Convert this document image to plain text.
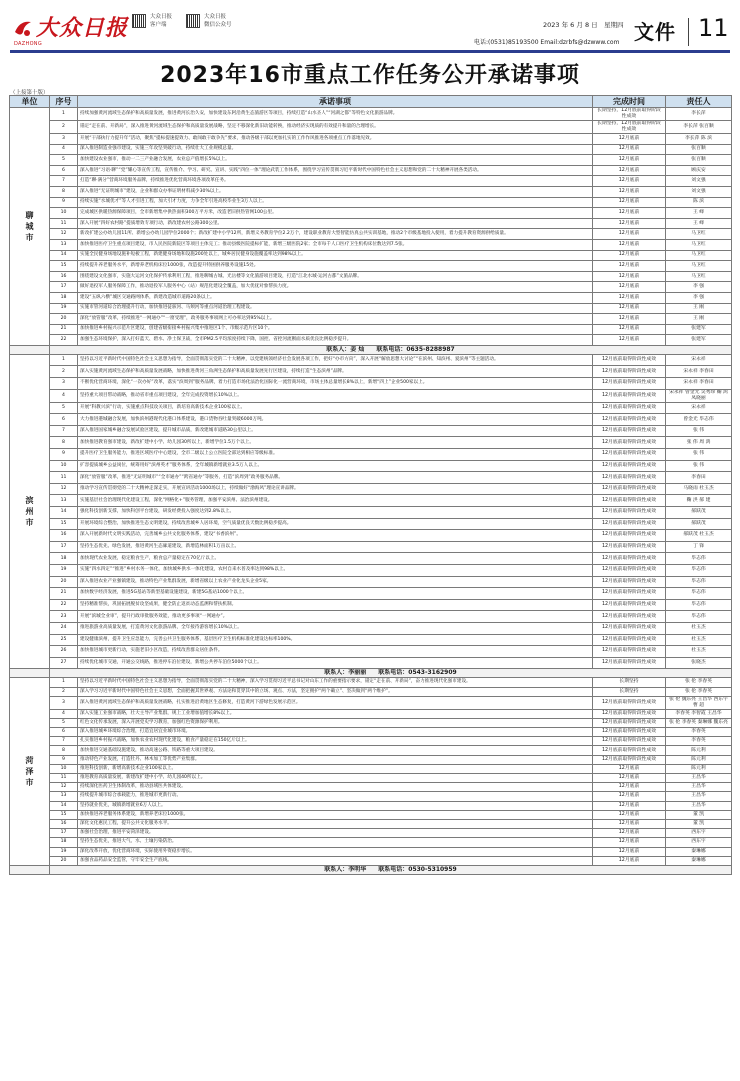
大众日报
DAZHONG
大众日报
客户端
大众日报
微信公众号	2023 年 6 月 8 日　星期四
电话:(0531)85193500 Email:dzrbfs@dzwww.com 文件 11
2023年16市重点工作任务公开承诺事项
（上接第十版）
单位	序号	承诺事项	完成时间	责任人

聊
城
市	1	持续加强黄河流域生态保护和高质量发展，推进黄河长治久安，加快建设东阿沿黄生态旅游区等项目，持续打造“山水圣人”“河湖之都”等特色文化旅游品牌。	长期坚持，12月底前取得阶段性成效	李长萍
	2	锚定“走在前、开新局”，深入推进黄河流域生态保护和高质量发展战略，坚定不移深化新旧动能转换，推动经济实现质的有效提升和量的合理增长。	长期坚持，12月底前取得阶段性成效	李长萍 张百顺
	3	开展“干部执行力提升年”活动，聚焦“提标提速提效力、敢闯敢干敢争先”要求，推动各级干部以更加扎实的工作作风推进各项重点工作落地见效。	12月底前	李长萍 陈 滨
	4	深入推进制造业强市建设，实施三年攻坚突破行动，持续壮大工业规模总量。	12月底前	张百顺
	5	加快建设农业强市，推动一二三产业融合发展，农业总产值增长5%以上。	12月底前	张百顺
	6	深入推进“习语·聊”“党”耀心等宣传工程，宣传推介、学习、研究、宣讲、实践“四位一体”理论武装工作体系，围绕学习宣传贯彻习近平新时代中国特色社会主义思想和党的二十大精神开展各类活动。	12月底前	顾庆安
	7	打造“聊·满分”营商环境服务品牌，持续推进优化营商环境各项改革任务。	12月底前	刘文强
	8	深入推进“无证明城市”建设，企业和群众办事证明材料减少30%以上。	12月底前	刘文强
	9	持续实施“水城优才”等人才引进工程，加大引才力度，力争全年引进高校毕业生3万人以上。	12月底前	陈 滨
	10	完成城区供暖热源保障项目，全市新增集中供热面积300万平方米，改造老旧供热管网100公里。	12月底前	王 峰
	11	深入开展“四好农村路”提质增效专项行动，新改建农村公路300公里。	12月底前	王 峰
	12	新改扩建公办幼儿园11所、新增公办幼儿园学位2000个；新改扩建中小学12所，新增义务教育学位2.2万个，建设职业教育大型智能仿真公共实训基地，推动2个市级基地投入使用，着力提升教育资源供给质量。	12月底前	马卫红
	13	加快推进医疗卫生重点项目建设，市人民医院新院区等项目主体完工；推动县级医院提标扩能，新增三级医院2家；全市每千人口医疗卫生机构床位数达到7.5张。	12月底前	马卫红
	14	实施全民健身场地设施补短板工程，新建健身场地和设施200处以上，城乡居民健身设施覆盖率达到98%以上。	12月底前	马卫红
	15	持续提升养老服务水平，新增养老机构床位1000张，改造提升特困供养服务设施15处。	12月底前	马卫红
	16	围绕建设文化强市，实施大运河文化保护传承利用工程，推进聊城古城、光岳楼等文化旅游项目建设，打造“江北水城·运河古都”文旅品牌。	12月底前	马卫红
	17	做好退役军人服务保障工作，推动退役军人服务中心（站）规范化建设全覆盖，加大优抚对象帮扶力度。	12月底前	李 强
	18	建设“五纵六横”城区交通路网体系，新建改造城市道路20条以上。	12月底前	李 强
	19	实施市管河道综合治理提升行动，加快推进徒骇河、马颊河等重点河道治理工程建设。	12月底前	王 刚
	20	深化“放管服”改革，持续推进“一网通办”“一窗受理”，政务服务事项网上可办率达到95%以上。	12月底前	王 刚
	21	加快推进乡村振兴示范片区建设，创建省级衔接乡村振兴集中推进区1个、市级示范片区10个。	12月底前	张建军
	22	加强生态环境保护，深入打好蓝天、碧水、净土保卫战，全市PM2.5平均浓度持续下降，国控、省控河流断面水质优良比例稳步提升。	12月底前	张建军
	联系人：姜 灿　　联系电话：0635-8288987			

滨
州
市	1	坚持以习近平新时代中国特色社会主义思想为指导，全面贯彻落实党的二十大精神，以党建统领经济社会发展各项工作，把好“办市方向”，深入开展“解放思想大讨论”“在滨州、知滨州、爱滨州”等主题活动。	12月底前取得阶段性成效	宋永祥
	2	深入实施黄河流域生态保护和高质量发展战略，加快推进黄河三角洲生态保护和高质量发展先行区建设，持续打造“生态滨州”品牌。	12月底前取得阶段性成效	宋永祥 李春田
	3	不断优化营商环境，深化“一次办好”改革，落实“滨周到”服务品牌，着力打造市场化法治化国际化一流营商环境，市场主体总量增长8%以上，新增“四上”企业500家以上。	12月底前取得阶段性成效	宋永祥 李春田
	4	坚持重大项目带动战略，推动省市重点项目建设，全年完成投资增长10%以上。	12月底前取得阶段性成效	宋永祥 曾金光 吴秀珍 鞠 鸿 凤晓丽
	5	开展“科教兴滨”行动，实施重点科技攻关项目，新培育高新技术企业100家以上。	12月底前取得阶段性成效	宋永祥
	6	大力推进港城融合发展，加快滨州港现代化港口体系建设，港口货物吞吐量突破6000万吨。	12月底前取得阶段性成效	曾金光 毕志伟
	7	深入推进国家城乡融合发展试验区建设，提升城市品质，新改建城市道路30公里以上。	12月底前取得阶段性成效	张 伟
	8	加快推进教育强市建设，新改扩建中小学、幼儿园30所以上，新增学位1.5万个以上。	12月底前取得阶段性成效	张 伟 周 鸿
	9	提升医疗卫生服务能力，推进区域医疗中心建设，全市二级以上公立医院全部达到相应等级标准。	12月底前取得阶段性成效	张 伟
	10	扩容提质城乡公益岗位，统筹用好“滨州英才”服务体系，全年城镇新增就业3.5万人以上。	12月底前取得阶段性成效	张 伟
	11	深化“放管服”改革，推进“无证明城市”“全市通办”“跨省通办”等服务，打造“滨周到”政务服务品牌。	12月底前取得阶段性成效	李春田
	12	推动学习宣传贯彻党的二十大精神走深走实，开展宣讲活动1000场以上，持续做好“渤海风”理论宣讲品牌。	12月底前取得阶段性成效	马晓雨 杜玉杰
	13	实施基层社会治理现代化建设工程，深化“网格化+”服务管理，加强平安滨州、法治滨州建设。	12月底前取得阶段性成效	鞠 洪 郝 建
	14	强化科技创新支撑，加快科创平台建设，研发经费投入强度达到2.8%以上。	12月底前取得阶段性成效	郝跃茂
	15	开展环境综合整治，加快推进生态文明建设，持续改善城乡人居环境，空气质量优良天数比例稳步提高。	12月底前取得阶段性成效	郝跃茂
	16	深入开展新时代文明实践活动，完善城乡公共文化服务体系，建设“书香滨州”。	12月底前取得阶段性成效	郝跃茂 杜玉杰
	17	坚持生态优先、绿色发展，推进黄河生态廊道建设，新增造林面积1万亩以上。	12月底前取得阶段性成效	丁 锋
	18	加快现代农业发展，稳定粮食生产，粮食总产量稳定在70亿斤以上。	12月底前取得阶段性成效	毕志伟
	19	实施“四水四定”“推进”乡村水务一体化，加快城乡供水一体化建设，农村自来水普及率达到98%以上。	12月底前取得阶段性成效	毕志伟
	20	深入推进农业产业强镇建设，推动特色产业集群发展，新增省级以上农业产业化龙头企业5家。	12月底前取得阶段性成效	毕志伟
	21	加快数字经济发展，推进5G基站等新型基础设施建设，新建5G基站1000个以上。	12月底前取得阶段性成效	毕志伟
	22	坚持精准帮扶，巩固拓展脱贫攻坚成果，健全防止返贫动态监测和帮扶机制。	12月底前取得阶段性成效	毕志伟
	23	开展“滨城全业审”，提升行政审批服务效能，推动更多事项“一网通办”。	12月底前取得阶段性成效	毕志伟
	24	推进旅游业高质量发展，打造黄河文化旅游品牌，全年接待游客增长10%以上。	12月底前取得阶段性成效	杜玉杰
	25	建设健康滨州，提升卫生应急能力，完善公共卫生服务体系，基层医疗卫生机构标准化建设达标率100%。	12月底前取得阶段性成效	杜玉杰
	26	加快推进城市更新行动，实施老旧小区改造，持续改善群众居住条件。	12月底前取得阶段性成效	杜玉杰
	27	持续优化城市交通，开通公交线路，推进停车泊位建设，新增公共停车泊位5000个以上。	12月底前取得阶段性成效	张晓杰
	联系人：李丽丽　　联系电话：0543-3162909			

菏
泽
市	1	坚持以习近平新时代中国特色社会主义思想为指导，全面贯彻落实党的二十大精神，深入学习贯彻习近平总书记对山东工作的重要指示要求，锚定“走在前、开新局”，奋力推进现代化强市建设。	长期坚持	张 伦 李春英
	2	深入学习习近平新时代中国特色社会主义思想，全面把握其世界观、方法论和贯穿其中的立场、观点、方法，坚定拥护“两个确立”、坚决做到“两个维护”。	长期坚持	张 伦 李春英
	3	深入推进黄河流域生态保护和高质量发展战略，扎实推进沿黄地区生态修复，打造黄河下游绿色发展示范区。	12月底前取得阶段性成效	张 伦 魏东亮 王昌华 西东宇 曹 超
	4	深入实施工业强市战略，壮大主导产业集群，规上工业增加值增长8%以上。	12月底前取得阶段性成效	李春英 李智霞 王昌华
	5	红色文化传承发展，深入开展党史学习教育，加强红色资源保护利用。	12月底前取得阶段性成效	张 伦 李春英 秦琳娜 魏东亮
	6	深入推进城乡环境综合治理，打造宜居宜业城市环境。	12月底前取得阶段性成效	李春英
	7	扎实推进乡村振兴战略，加快农业农村现代化建设，粮食产量稳定在150亿斤以上。	12月底前取得阶段性成效	李春英
	8	加快推进交通基础设施建设，推动高速公路、铁路等重大项目建设。	12月底前取得阶段性成效	陈元利
	9	推动特色产业发展，打造牡丹、林木加工等优势产业集群。	12月底前取得阶段性成效	陈元利
	10	推进科技创新，新增高新技术企业100家以上。	12月底前	陈元利
	11	推进教育高质量发展，新建改扩建中小学、幼儿园40所以上。	12月底前	王昌华
	12	持续深化医药卫生体制改革，推动县域医共体建设。	12月底前	王昌华
	13	持续提升城市综合承载能力，推进城市更新行动。	12月底前	王昌华
	14	坚持就业优先，城镇新增就业6万人以上。	12月底前	王昌华
	15	加快推进养老服务体系建设，新增养老床位1000张。	12月底前	董 凯
	16	深化文化惠民工程，提升公共文化服务水平。	12月底前	董 凯
	17	加强社会治理，推进平安菏泽建设。	12月底前	西东宇
	18	坚持生态优先，推进大气、水、土壤污染防治。	12月底前	西东宇
	19	深化改革开放，优化营商环境，实际使用外资稳步增长。	12月底前	秦琳娜
	20	加强食品药品安全监管，守牢安全生产底线。	12月底前	秦琳娜
	联系人：李明华　　联系电话：0530-5310959			
